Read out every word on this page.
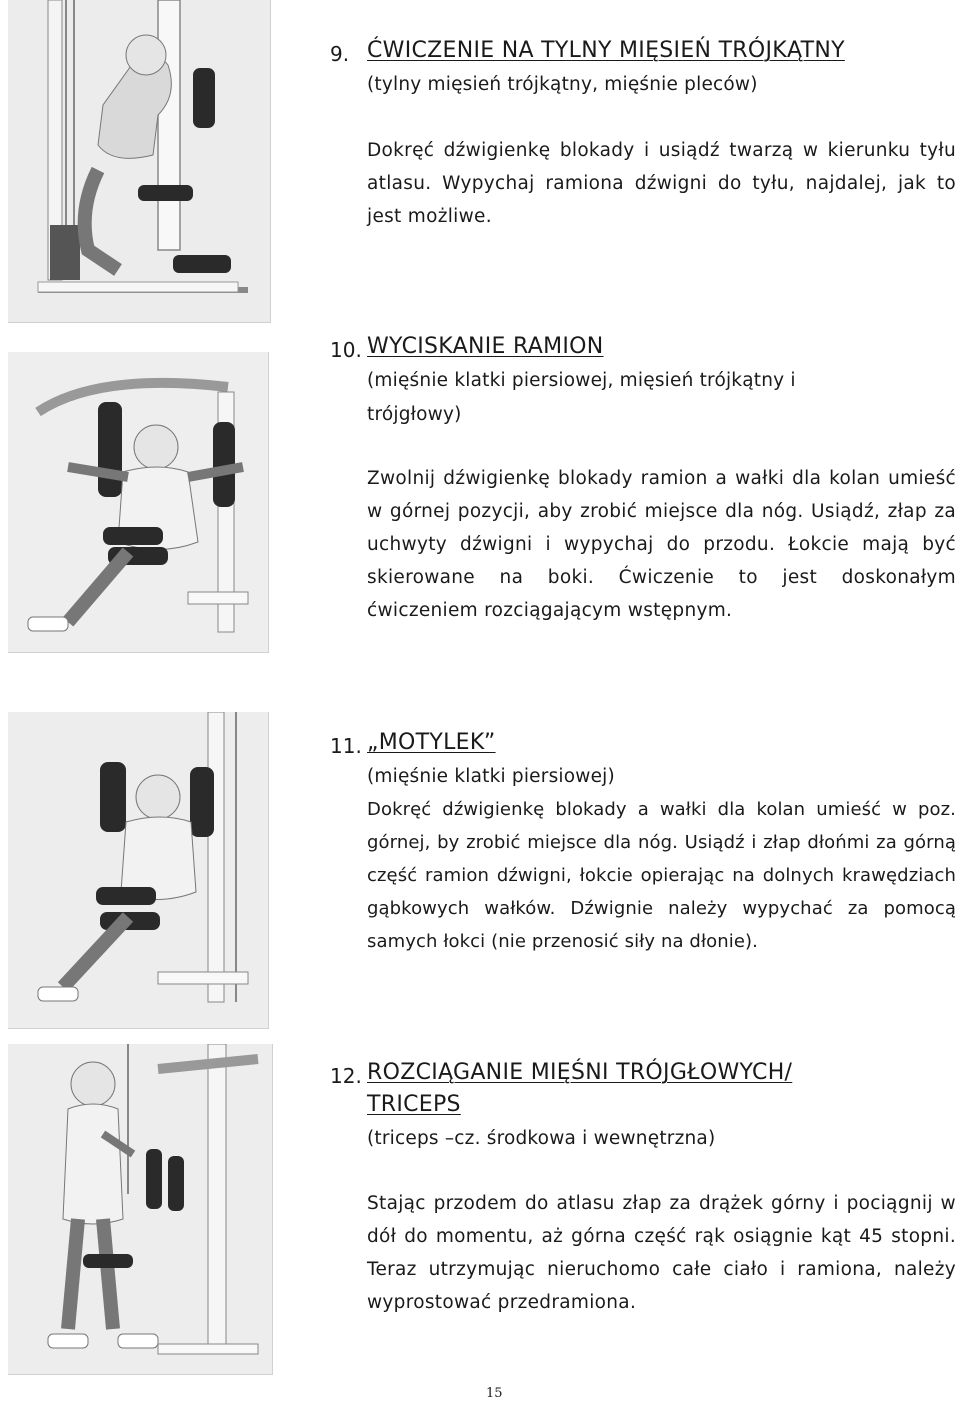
9. ĆWICZENIE NA TYLNY MIĘSIEŃ TRÓJKĄTNY
(tylny mięsień trójkątny, mięśnie pleców)
Dokręć dźwigienkę blokady i usiądź twarzą w kierunku tyłu atlasu. Wypychaj ramiona dźwigni do tyłu, najdalej, jak to jest możliwe.
10. WYCISKANIE RAMION
(mięśnie klatki piersiowej, mięsień trójkątny i
trójgłowy)
Zwolnij dźwigienkę blokady ramion a wałki dla kolan umieść w górnej pozycji, aby zrobić miejsce dla nóg. Usiądź, złap za uchwyty dźwigni i wypychaj do przodu. Łokcie mają być skierowane na boki. Ćwiczenie to jest doskonałym ćwiczeniem rozciągającym wstępnym.
11. „MOTYLEK”
(mięśnie klatki piersiowej)
Dokręć dźwigienkę blokady a wałki dla kolan umieść w poz. górnej, by zrobić miejsce dla nóg. Usiądź i złap dłońmi za górną część ramion dźwigni, łokcie opierając na dolnych krawędziach gąbkowych wałków. Dźwignie należy wypychać za pomocą samych łokci (nie przenosić siły na dłonie).
12. ROZCIĄGANIE MIĘŚNI TRÓJGŁOWYCH/
TRICEPS
(triceps –cz. środkowa i wewnętrzna)
Stając przodem do atlasu złap za drążek górny i pociągnij w dół do momentu, aż górna część rąk osiągnie kąt 45 stopni. Teraz utrzymując nieruchomo całe ciało i ramiona, należy wyprostować przedramiona.
15
